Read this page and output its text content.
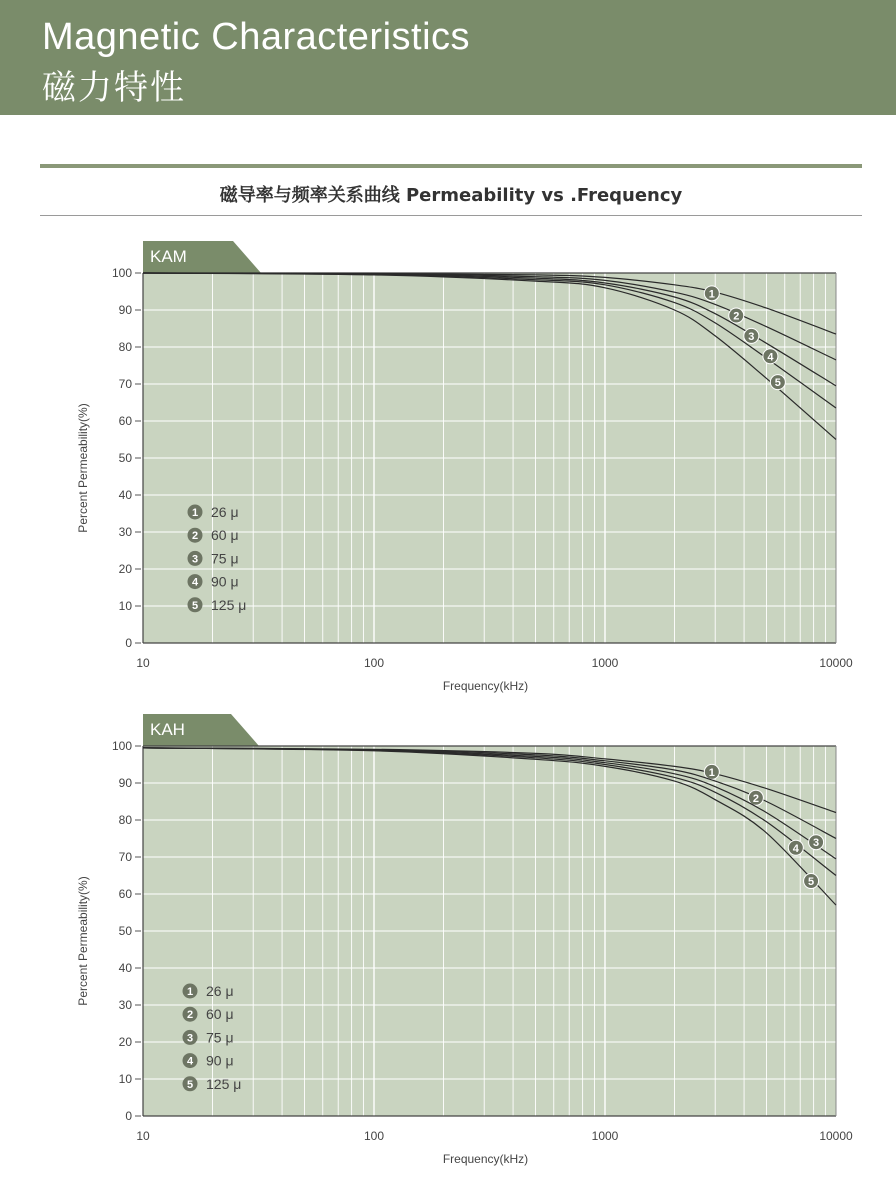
Magnetic Characteristics
磁力特性
磁导率与频率关系曲线 Permeability vs .Frequency
KAM
0
10
20
30
40
50
60
70
80
90
100
10	100	1000	10000
Frequency(kHz)
Percent Permeability(%)
1
2
3
4
5
1 26 μ
2 60 μ
3 75 μ
4 90 μ
5 125 μ
KAH
0
10
20
30
40
50
60
70
80
90
100
10	100	1000	10000
Frequency(kHz)
Percent Permeability(%)
1
2
3
4
5
1 26 μ
2 60 μ
3 75 μ
4 90 μ
5 125 μ
